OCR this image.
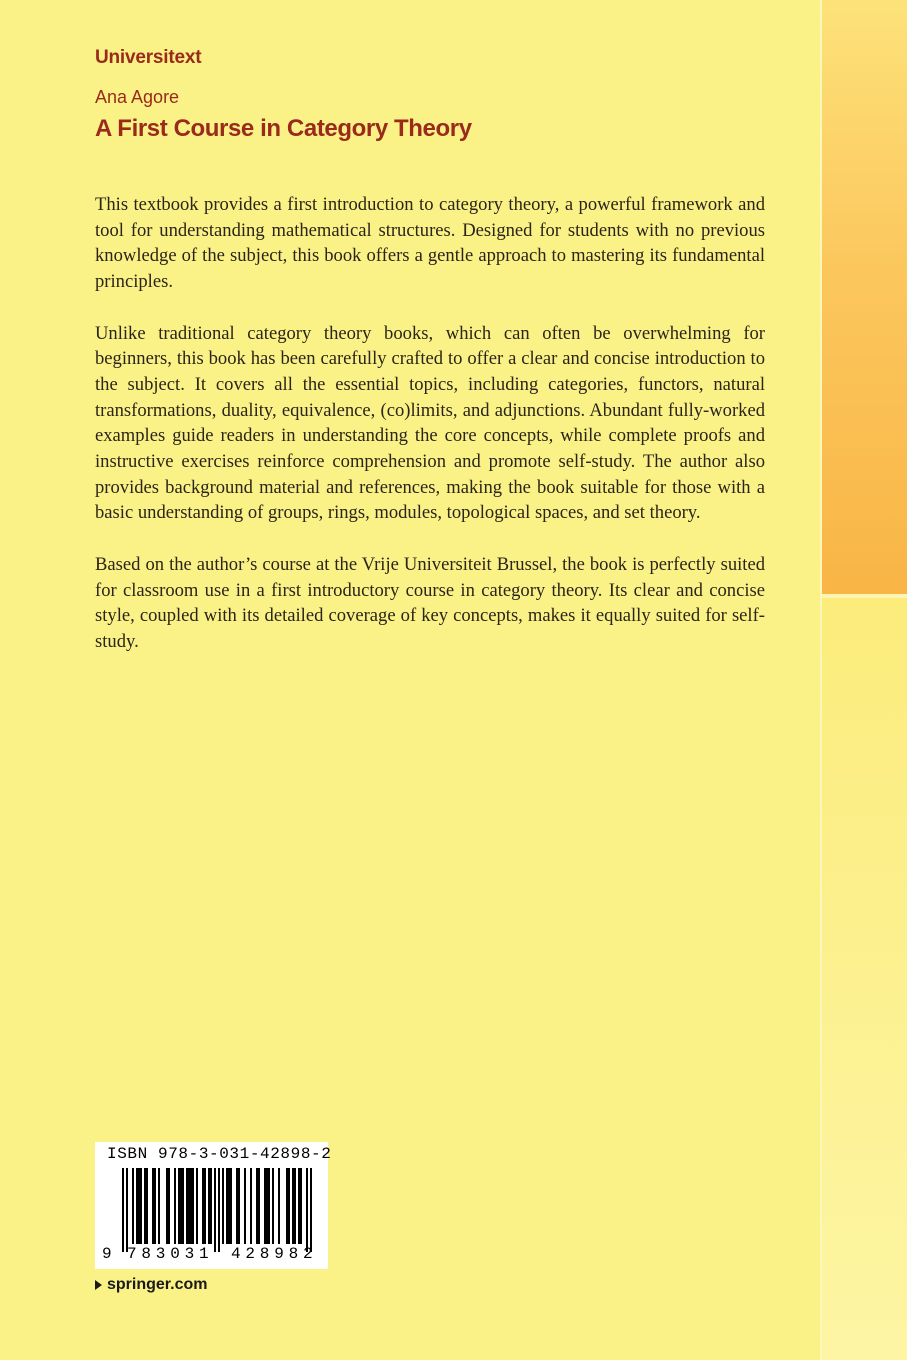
Universitext
Ana Agore
A First Course in Category Theory

This textbook provides a first introduction to category theory, a powerful framework and tool for understanding mathematical structures. Designed for students with no previous knowledge of the subject, this book offers a gentle approach to mastering its fundamental principles.

Unlike traditional category theory books, which can often be overwhelming for beginners, this book has been carefully crafted to offer a clear and concise introduction to the subject. It covers all the essential topics, including categories, functors, natural transformations, duality, equivalence, (co)limits, and adjunctions. Abundant fully-worked examples guide readers in understanding the core concepts, while complete proofs and instructive exercises reinforce comprehension and promote self-study. The author also provides background material and references, making the book suitable for those with a basic understanding of groups, rings, modules, topological spaces, and set theory.

Based on the author’s course at the Vrije Universiteit Brussel, the book is perfectly suited for classroom use in a first introductory course in category theory. Its clear and concise style, coupled with its detailed coverage of key concepts, makes it equally suited for self-study.

ISBN 978-3-031-42898-2
9 783031 428982
springer.com
